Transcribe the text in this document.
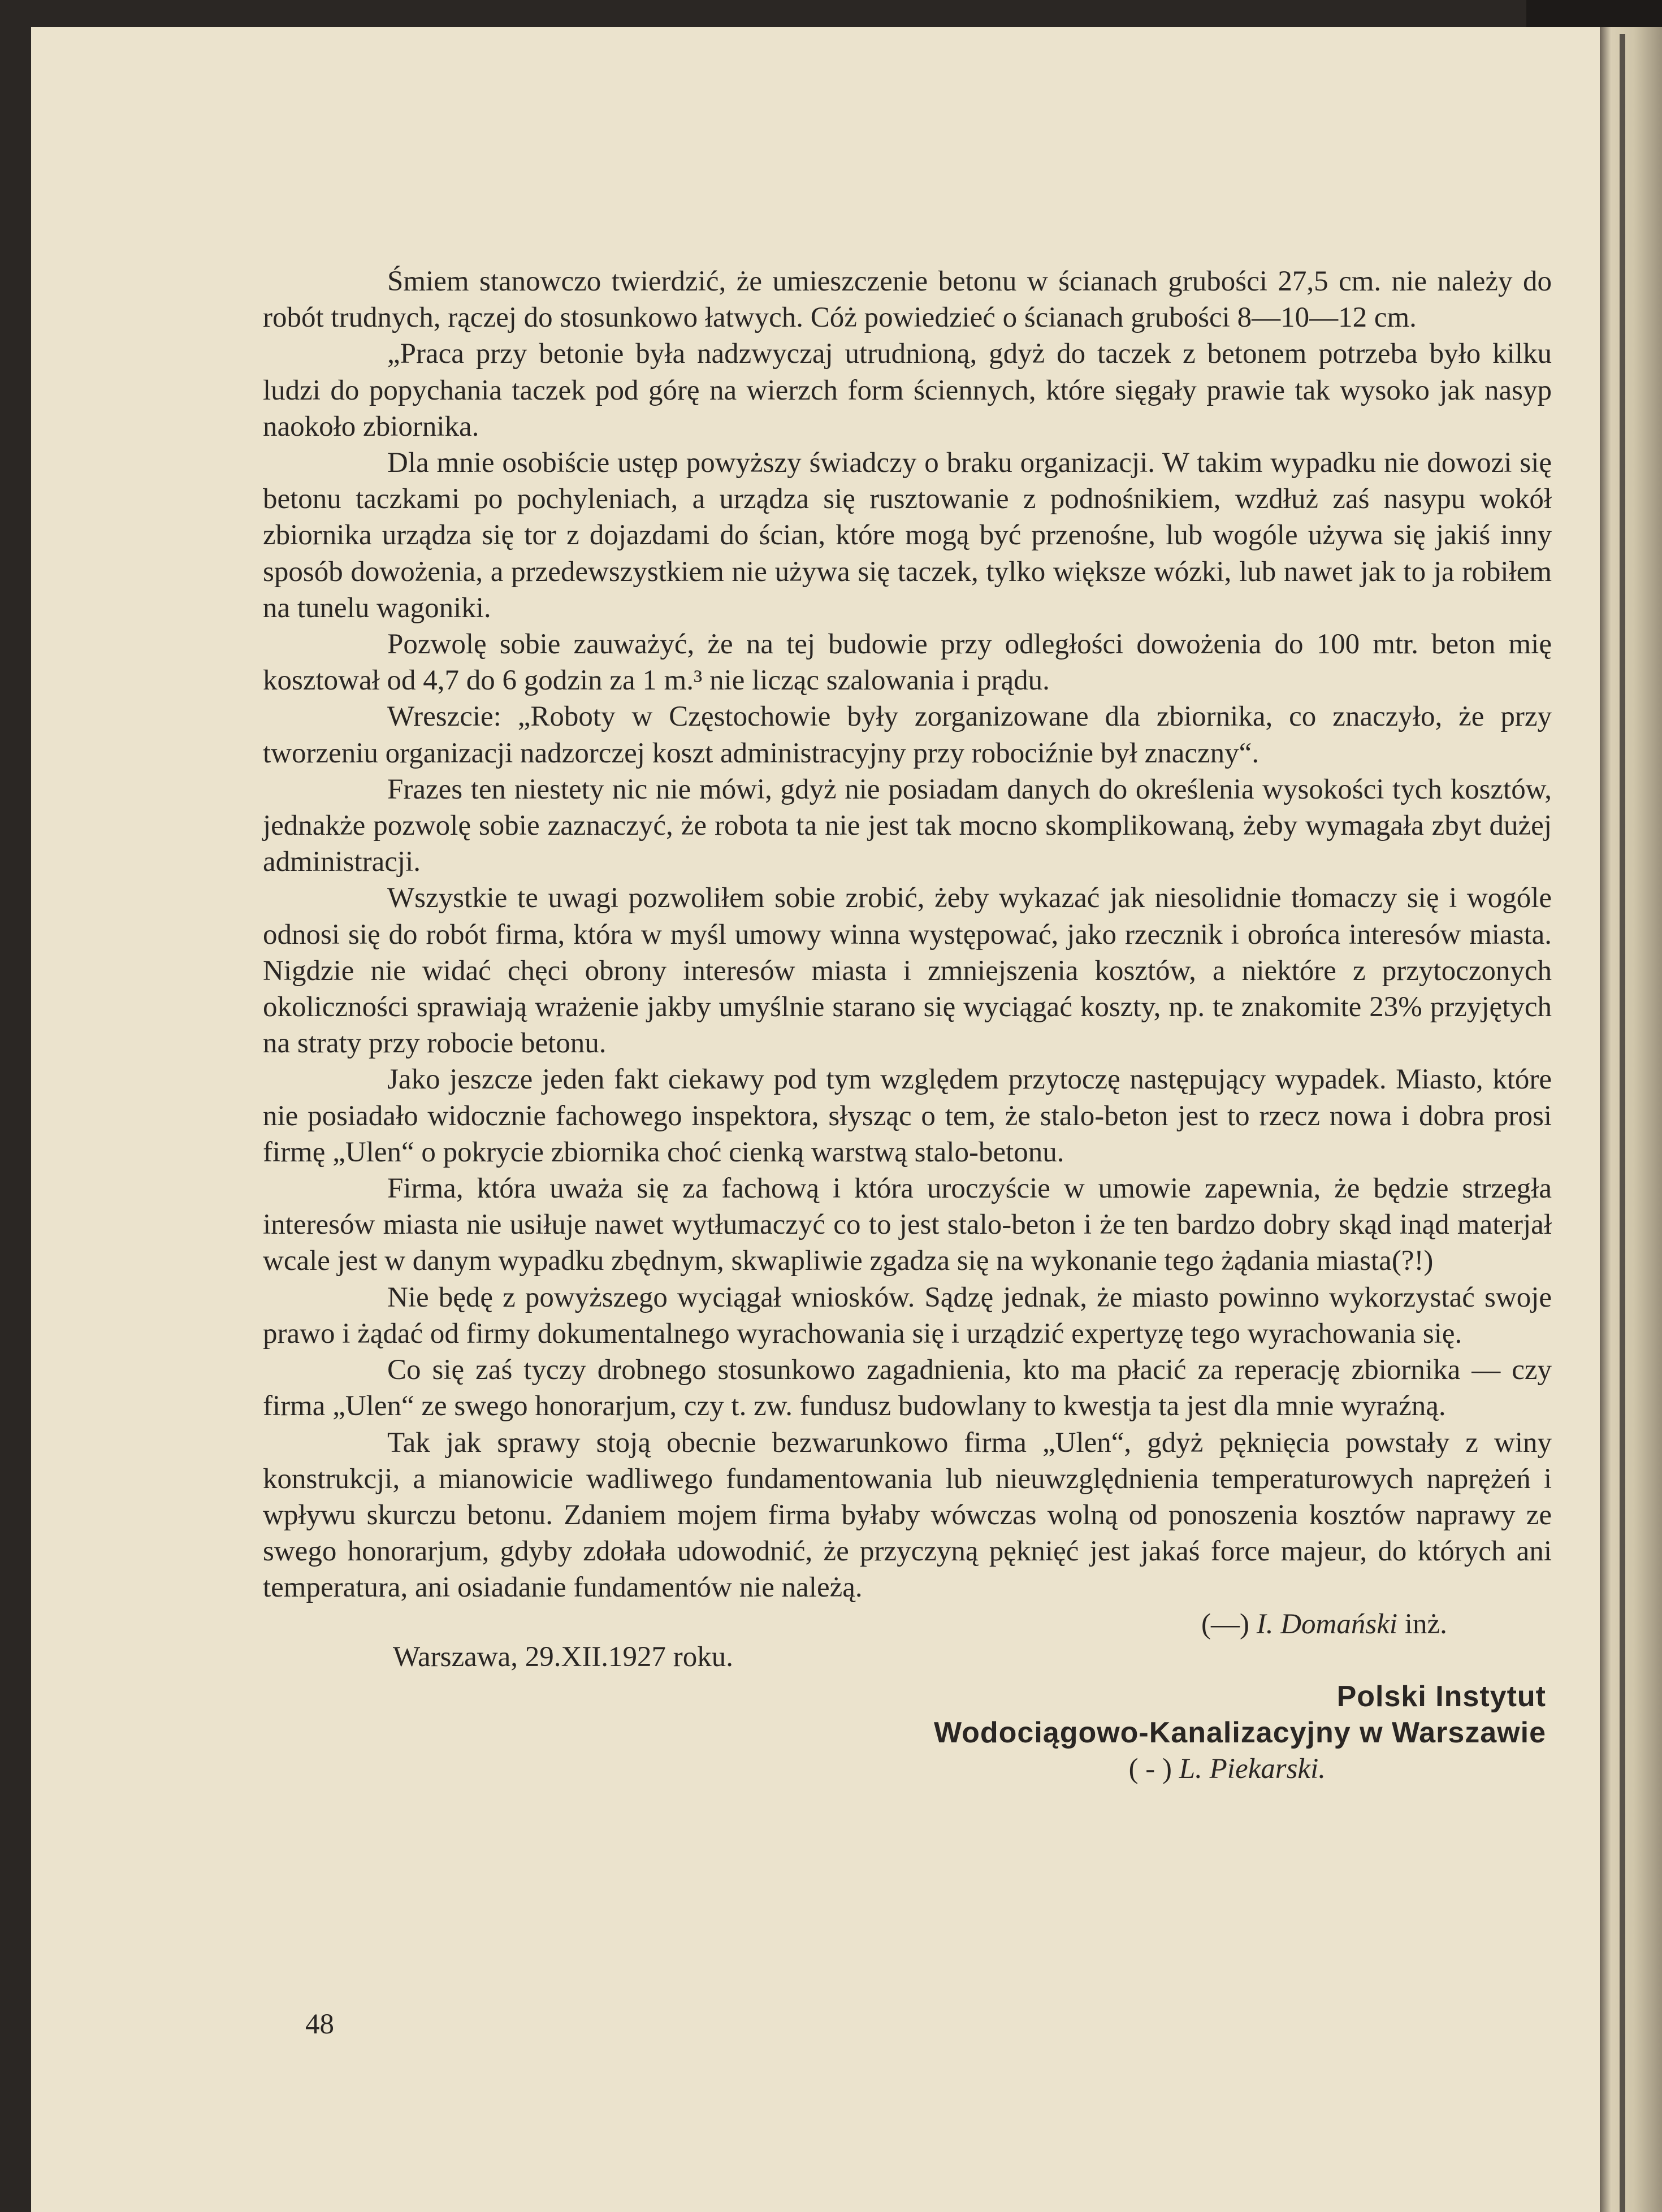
Śmiem stanowczo twierdzić, że umieszczenie betonu w ścianach grubości 27,5 cm. nie należy do robót trudnych, rączej do stosunkowo łatwych. Cóż powiedzieć o ścianach grubości 8—10—12 cm.

„Praca przy betonie była nadzwyczaj utrudnioną, gdyż do taczek z betonem potrzeba było kilku ludzi do popychania taczek pod górę na wierzch form ściennych, które sięgały prawie tak wysoko jak nasyp naokoło zbiornika.

Dla mnie osobiście ustęp powyższy świadczy o braku organizacji. W takim wypadku nie dowozi się betonu taczkami po pochyleniach, a urządza się rusztowanie z podnośnikiem, wzdłuż zaś nasypu wokół zbiornika urządza się tor z dojazdami do ścian, które mogą być przenośne, lub wogóle używa się jakiś inny sposób dowożenia, a przedewszystkiem nie używa się taczek, tylko większe wózki, lub nawet jak to ja robiłem na tunelu wagoniki.

Pozwolę sobie zauważyć, że na tej budowie przy odległości dowożenia do 100 mtr. beton mię kosztował od 4,7 do 6 godzin za 1 m.³ nie licząc szalowania i prądu.

Wreszcie: „Roboty w Częstochowie były zorganizowane dla zbiornika, co znaczyło, że przy tworzeniu organizacji nadzorczej koszt administracyjny przy robociźnie był znaczny“.

Frazes ten niestety nic nie mówi, gdyż nie posiadam danych do określenia wysokości tych kosztów, jednakże pozwolę sobie zaznaczyć, że robota ta nie jest tak mocno skomplikowaną, żeby wymagała zbyt dużej administracji.

Wszystkie te uwagi pozwoliłem sobie zrobić, żeby wykazać jak niesolidnie tłomaczy się i wogóle odnosi się do robót firma, która w myśl umowy winna występować, jako rzecznik i obrońca interesów miasta. Nigdzie nie widać chęci obrony interesów miasta i zmniejszenia kosztów, a niektóre z przytoczonych okoliczności sprawiają wrażenie jakby umyślnie starano się wyciągać koszty, np. te znakomite 23% przyjętych na straty przy robocie betonu.

Jako jeszcze jeden fakt ciekawy pod tym względem przytoczę następujący wypadek. Miasto, które nie posiadało widocznie fachowego inspektora, słysząc o tem, że stalo-beton jest to rzecz nowa i dobra prosi firmę „Ulen“ o pokrycie zbiornika choć cienką warstwą stalo-betonu.

Firma, która uważa się za fachową i która uroczyście w umowie zapewnia, że będzie strzegła interesów miasta nie usiłuje nawet wytłumaczyć co to jest stalo-beton i że ten bardzo dobry skąd inąd materjał wcale jest w danym wypadku zbędnym, skwapliwie zgadza się na wykonanie tego żądania miasta(?!)

Nie będę z powyższego wyciągał wniosków. Sądzę jednak, że miasto powinno wykorzystać swoje prawo i żądać od firmy dokumentalnego wyrachowania się i urządzić expertyzę tego wyrachowania się.

Co się zaś tyczy drobnego stosunkowo zagadnienia, kto ma płacić za reperację zbiornika — czy firma „Ulen“ ze swego honorarjum, czy t. zw. fundusz budowlany to kwestja ta jest dla mnie wyraźną.

Tak jak sprawy stoją obecnie bezwarunkowo firma „Ulen“, gdyż pęknięcia powstały z winy konstrukcji, a mianowicie wadliwego fundamentowania lub nieuwzględnienia temperaturowych naprężeń i wpływu skurczu betonu. Zdaniem mojem firma byłaby wówczas wolną od ponoszenia kosztów naprawy ze swego honorarjum, gdyby zdołała udowodnić, że przyczyną pęknięć jest jakaś force majeur, do których ani temperatura, ani osiadanie fundamentów nie należą.

Warszawa, 29.XII.1927 roku.
(—) I. Domański inż.
Polski Instytut
Wodociągowo-Kanalizacyjny w Warszawie
( - ) L. Piekarski.
48
